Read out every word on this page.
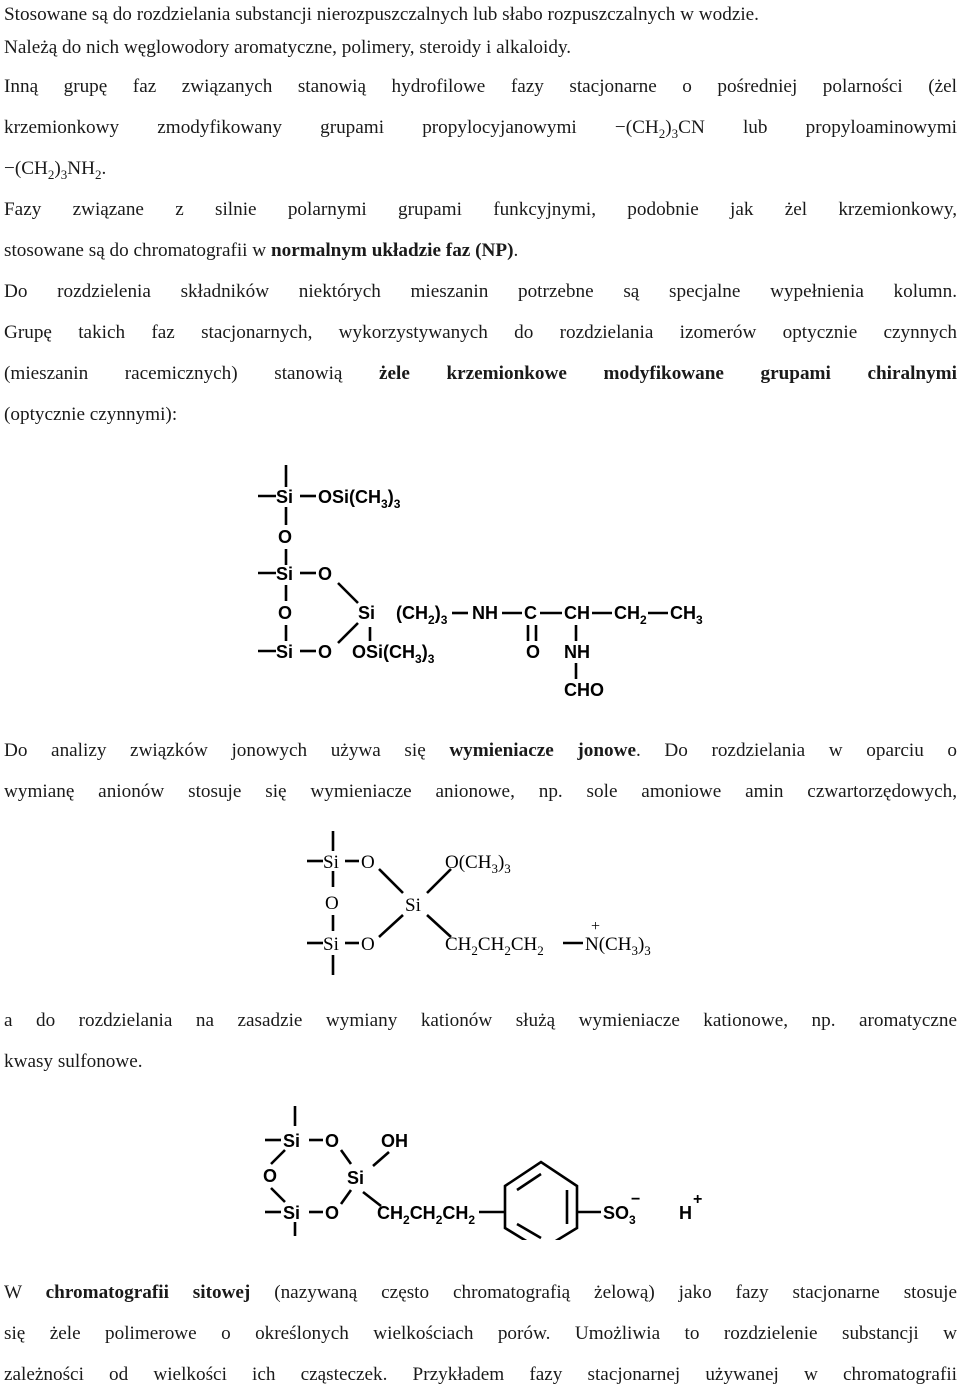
Stosowane są do rozdzielania substancji nierozpuszczalnych lub słabo rozpuszczalnych w wodzie.
Należą do nich węglowodory aromatyczne, polimery, steroidy i alkaloidy.
Inną grupę faz związanych stanowią hydrofilowe fazy stacjonarne o pośredniej polarności (żel
krzemionkowy zmodyfikowany grupami propylocyjanowymi $-(CH_2)_3CN$ lub propyloaminowymi
$-(CH_2)_3NH_2$.
Fazy związane z silnie polarnymi grupami funkcyjnymi, podobnie jak żel krzemionkowy,
stosowane są do chromatografii w normalnym układzie faz (NP).
Do rozdzielenia składników niektórych mieszanin potrzebne są specjalne wypełnienia kolumn.
Grupę takich faz stacjonarnych, wykorzystywanych do rozdzielania izomerów optycznie czynnych
(mieszanin racemicznych) stanowią żele krzemionkowe modyfikowane grupami chiralnymi
(optycznie czynnymi):
Si $OSi(CH_3)_3$
O
Si O
O
Si O
Si
$OSi(CH_3)_3$
$(CH_2)_3$ NH C
O
CH
NH
CHO
$CH_2$ $CH_3$
Do analizy związków jonowych używa się wymieniacze jonowe. Do rozdzielania w oparciu o
wymianę anionów stosuje się wymieniacze anionowe, np. sole amoniowe amin czwartorzędowych,
Si O
O
Si O
Si
$O(CH_3)_3$
$CH_2CH_2CH_2$
+
$N(CH_3)_3$
a do rozdzielania na zasadzie wymiany kationów służą wymieniacze kationowe, np. aromatyczne
kwasy sulfonowe.
Si O OH
O
Si O
Si
$CH_2CH_2CH_2$	$SO_3$
−
H
+
W chromatografii sitowej (nazywaną często chromatografią żelową) jako fazy stacjonarne stosuje
się żele polimerowe o określonych wielkościach porów. Umożliwia to rozdzielenie substancji w
zależności od wielkości ich cząsteczek. Przykładem fazy stacjonarnej używanej w chromatografii
